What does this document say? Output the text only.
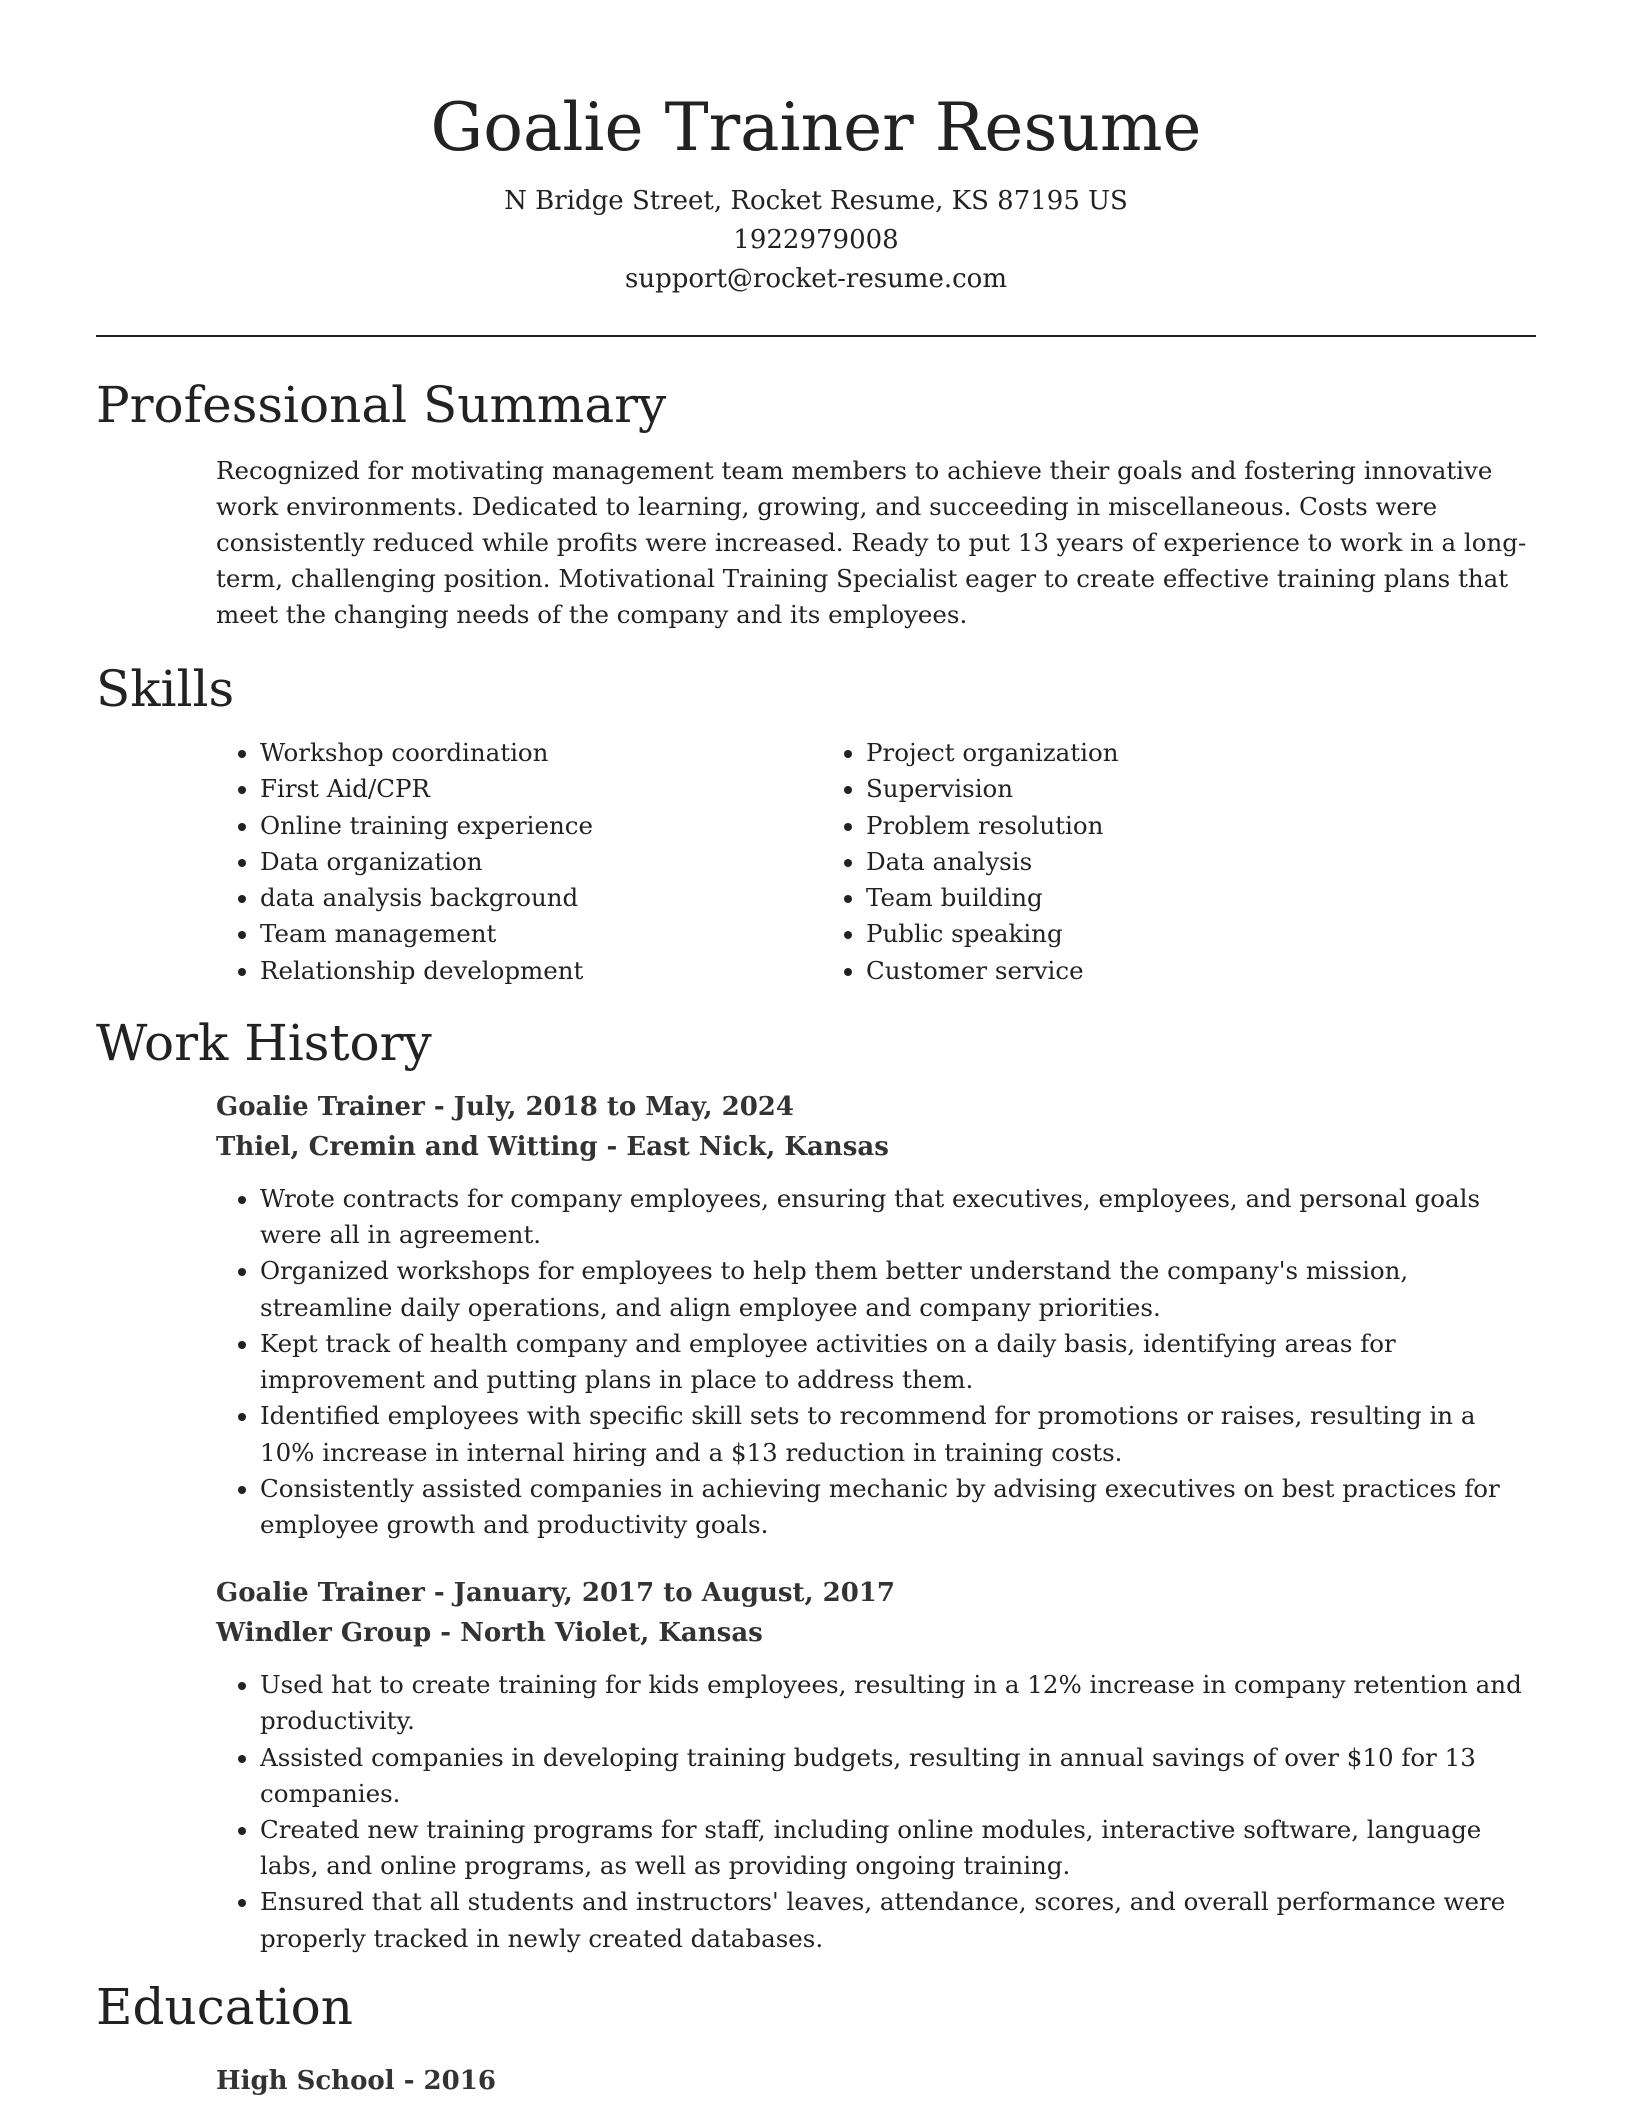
Goalie Trainer Resume
N Bridge Street, Rocket Resume, KS 87195 US
1922979008
support@rocket-resume.com
Professional Summary

Recognized for motivating management team members to achieve their goals and fostering innovative work environments. Dedicated to learning, growing, and succeeding in miscellaneous. Costs were consistently reduced while profits were increased. Ready to put 13 years of experience to work in a long-term, challenging position. Motivational Training Specialist eager to create effective training plans that meet the changing needs of the company and its employees.

Skills
• Workshop coordination
• First Aid/CPR
• Online training experience
• Data organization
• data analysis background
• Team management
• Relationship development
• Project organization
• Supervision
• Problem resolution
• Data analysis
• Team building
• Public speaking
• Customer service
Work History
Goalie Trainer - July, 2018 to May, 2024
Thiel, Cremin and Witting - East Nick, Kansas
• Wrote contracts for company employees, ensuring that executives, employees, and personal goals were all in agreement.
• Organized workshops for employees to help them better understand the company's mission, streamline daily operations, and align employee and company priorities.
• Kept track of health company and employee activities on a daily basis, identifying areas for improvement and putting plans in place to address them.
• Identified employees with specific skill sets to recommend for promotions or raises, resulting in a 10% increase in internal hiring and a $13 reduction in training costs.
• Consistently assisted companies in achieving mechanic by advising executives on best practices for employee growth and productivity goals.
Goalie Trainer - January, 2017 to August, 2017
Windler Group - North Violet, Kansas
• Used hat to create training for kids employees, resulting in a 12% increase in company retention and productivity.
• Assisted companies in developing training budgets, resulting in annual savings of over $10 for 13 companies.
• Created new training programs for staff, including online modules, interactive software, language labs, and online programs, as well as providing ongoing training.
• Ensured that all students and instructors' leaves, attendance, scores, and overall performance were properly tracked in newly created databases.
Education
High School - 2016
